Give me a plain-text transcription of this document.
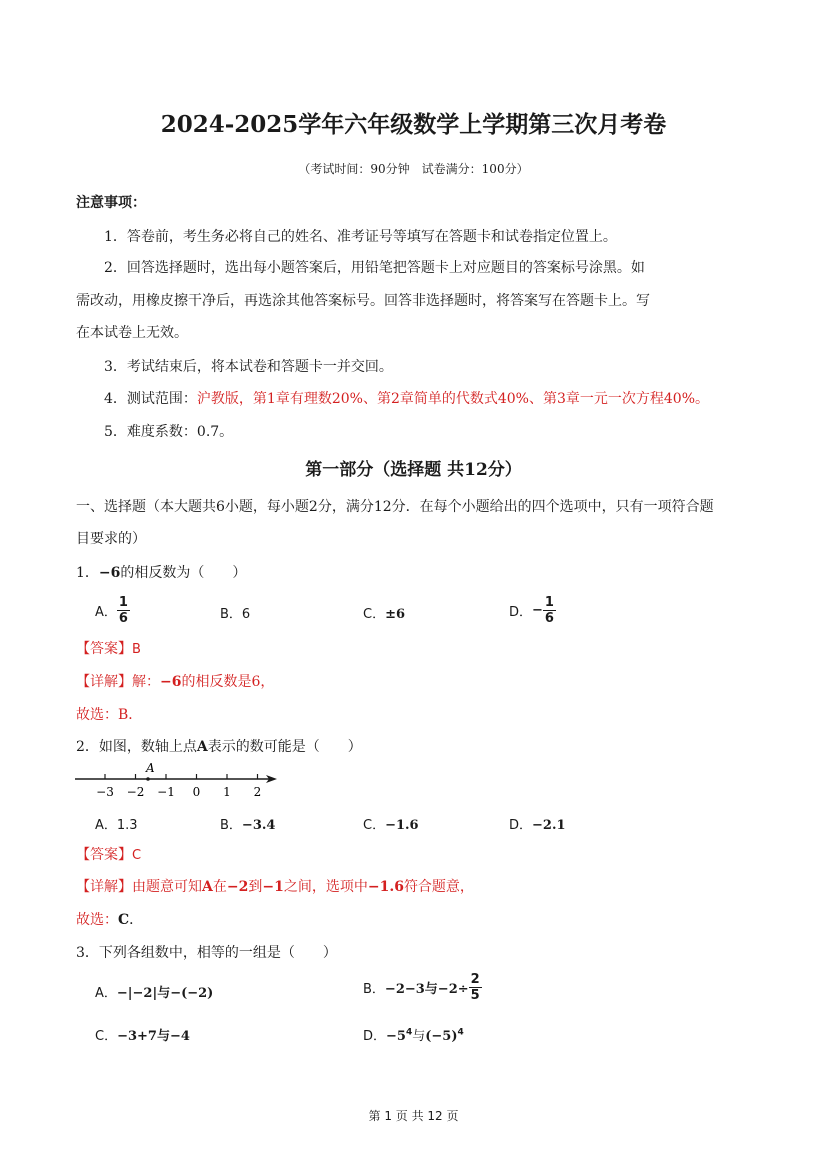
2024-2025学年六年级数学上学期第三次月考卷
（考试时间：90分钟　试卷满分：100分）
注意事项：
1．答卷前，考生务必将自己的姓名、准考证号等填写在答题卡和试卷指定位置上。
2．回答选择题时，选出每小题答案后，用铅笔把答题卡上对应题目的答案标号涂黑。如
需改动，用橡皮擦干净后，再选涂其他答案标号。回答非选择题时，将答案写在答题卡上。写
在本试卷上无效。
3．考试结束后，将本试卷和答题卡一并交回。
4．测试范围：沪教版，第1章有理数20%、第2章简单的代数式40%、第3章一元一次方程40%。
5．难度系数：0.7。
第一部分（选择题 共12分）
一、选择题（本大题共6小题，每小题2分，满分12分．在每个小题给出的四个选项中，只有一项符合题
目要求的）
1．−6的相反数为（　　）
A． $\frac{1}{6}$	B．6	C．±6	D．− $\frac{1}{6}$
【答案】B
【详解】解：−6的相反数是6，
故选：B．
2．如图，数轴上点A表示的数可能是（　　）
−3 −2 −1 0 1 2
A
A．1.3	B．−3.4	C．−1.6	D．−2.1
【答案】C
【详解】由题意可知A在−2到−1之间，选项中−1.6符合题意，
故选：C．
3．下列各组数中，相等的一组是（　　）
A．−|−2|与−(−2)	B．−2−3与$-2\div \frac{2}{5}$
C．−3+7与−4	D．$-5^4$与$(-5)^4$
第 1 页 共 12 页
